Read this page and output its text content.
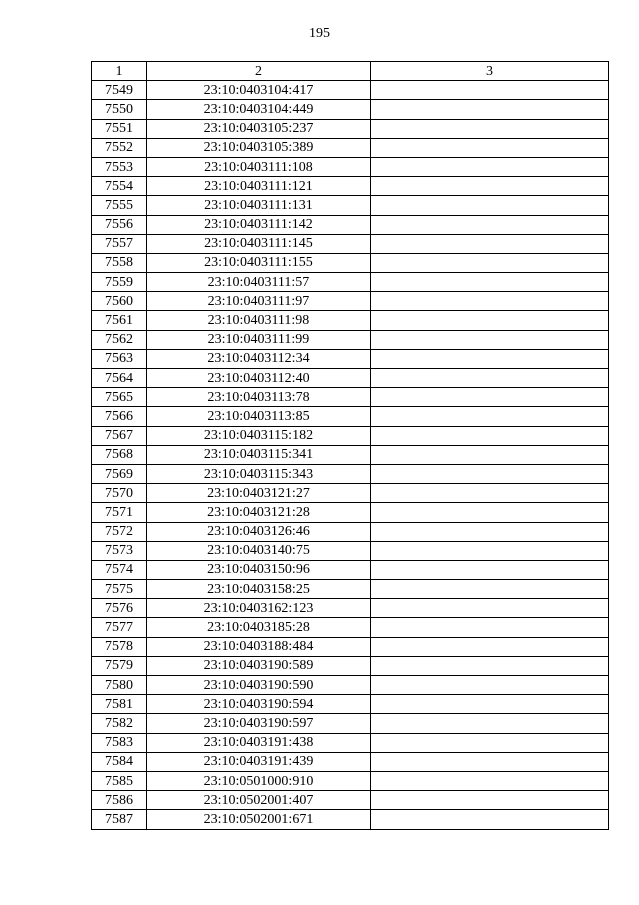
195
1	2	3
7549	23:10:0403104:417	
7550	23:10:0403104:449	
7551	23:10:0403105:237	
7552	23:10:0403105:389	
7553	23:10:0403111:108	
7554	23:10:0403111:121	
7555	23:10:0403111:131	
7556	23:10:0403111:142	
7557	23:10:0403111:145	
7558	23:10:0403111:155	
7559	23:10:0403111:57	
7560	23:10:0403111:97	
7561	23:10:0403111:98	
7562	23:10:0403111:99	
7563	23:10:0403112:34	
7564	23:10:0403112:40	
7565	23:10:0403113:78	
7566	23:10:0403113:85	
7567	23:10:0403115:182	
7568	23:10:0403115:341	
7569	23:10:0403115:343	
7570	23:10:0403121:27	
7571	23:10:0403121:28	
7572	23:10:0403126:46	
7573	23:10:0403140:75	
7574	23:10:0403150:96	
7575	23:10:0403158:25	
7576	23:10:0403162:123	
7577	23:10:0403185:28	
7578	23:10:0403188:484	
7579	23:10:0403190:589	
7580	23:10:0403190:590	
7581	23:10:0403190:594	
7582	23:10:0403190:597	
7583	23:10:0403191:438	
7584	23:10:0403191:439	
7585	23:10:0501000:910	
7586	23:10:0502001:407	
7587	23:10:0502001:671	
